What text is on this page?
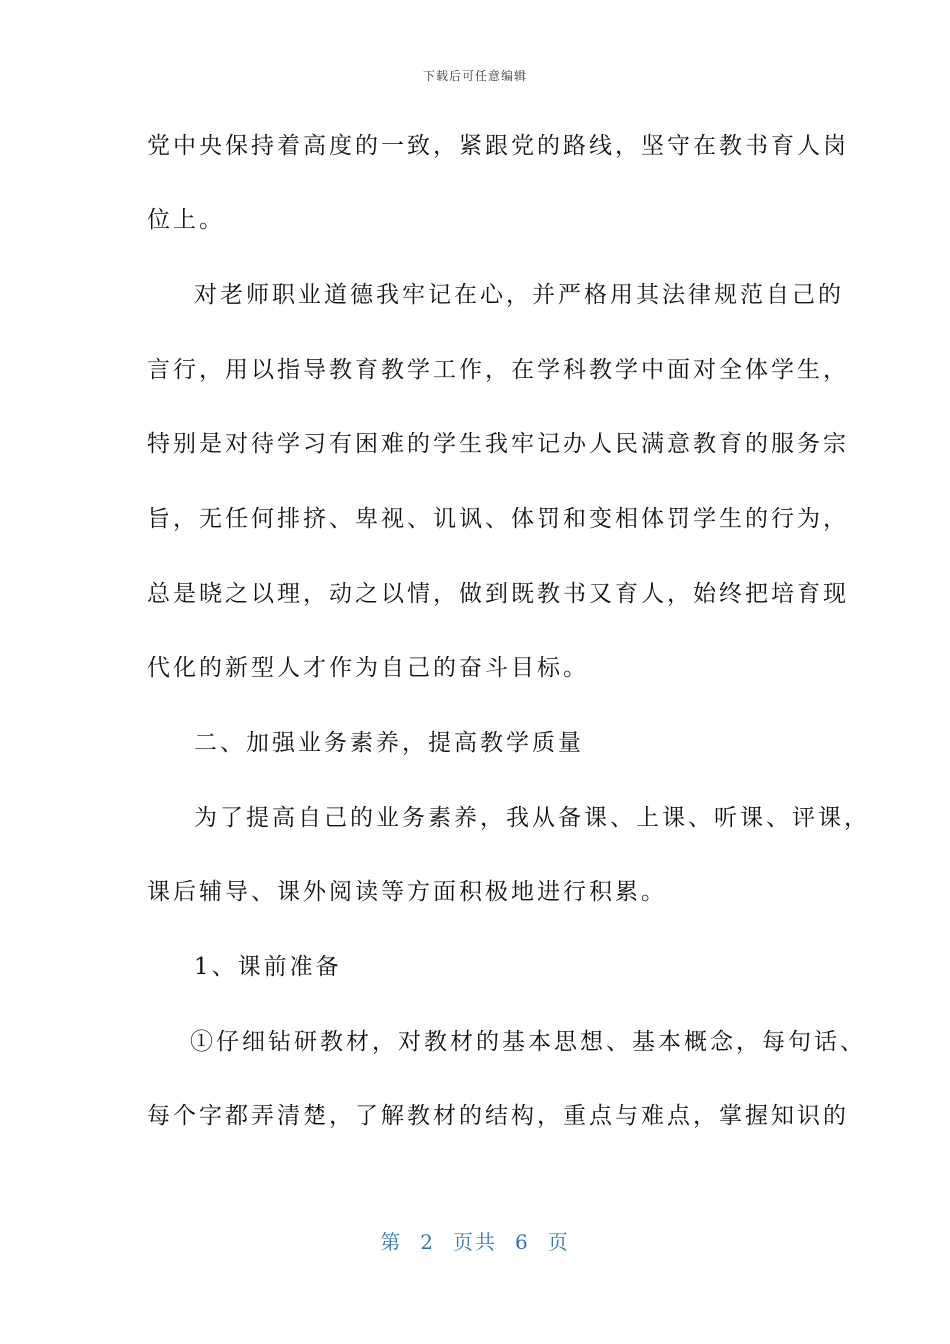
下载后可任意编辑
党中央保持着高度的一致，紧跟党的路线，坚守在教书育人岗
位上。
对老师职业道德我牢记在心，并严格用其法律规范自己的
言行，用以指导教育教学工作，在学科教学中面对全体学生，
特别是对待学习有困难的学生我牢记办人民满意教育的服务宗
旨，无任何排挤、卑视、讥讽、体罚和变相体罚学生的行为，
总是晓之以理，动之以情，做到既教书又育人，始终把培育现
代化的新型人才作为自己的奋斗目标。
二、加强业务素养，提高教学质量
为了提高自己的业务素养，我从备课、上课、听课、评课，
课后辅导、课外阅读等方面积极地进行积累。
1、课前准备
①仔细钻研教材，对教材的基本思想、基本概念，每句话、
每个字都弄清楚，了解教材的结构，重点与难点，掌握知识的
第 2 页共 6 页
